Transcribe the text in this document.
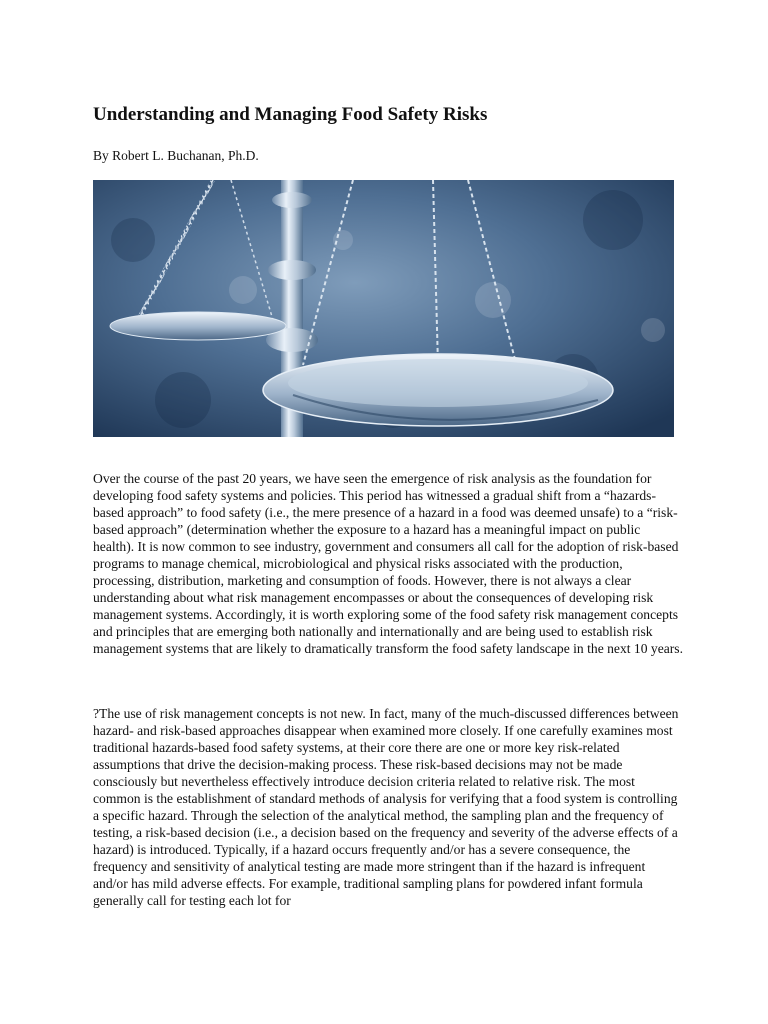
Understanding and Managing Food Safety Risks

By Robert L. Buchanan, Ph.D.

Over the course of the past 20 years, we have seen the emergence of risk analysis as the foundation for developing food safety systems and policies. This period has witnessed a gradual shift from a “hazards-based approach” to food safety (i.e., the mere presence of a hazard in a food was deemed unsafe) to a “risk-based approach” (determination whether the exposure to a hazard has a meaningful impact on public health). It is now common to see industry, government and consumers all call for the adoption of risk-based programs to manage chemical, microbiological and physical risks associated with the production, processing, distribution, marketing and consumption of foods. However, there is not always a clear understanding about what risk management encompasses or about the consequences of developing risk management systems. Accordingly, it is worth exploring some of the food safety risk management concepts and principles that are emerging both nationally and internationally and are being used to establish risk management systems that are likely to dramatically transform the food safety landscape in the next 10 years.

?The use of risk management concepts is not new. In fact, many of the much-discussed differences between hazard- and risk-based approaches disappear when examined more closely. If one carefully examines most traditional hazards-based food safety systems, at their core there are one or more key risk-related assumptions that drive the decision-making process. These risk-based decisions may not be made consciously but nevertheless effectively introduce decision criteria related to relative risk. The most common is the establishment of standard methods of analysis for verifying that a food system is controlling a specific hazard. Through the selection of the analytical method, the sampling plan and the frequency of testing, a risk-based decision (i.e., a decision based on the frequency and severity of the adverse effects of a hazard) is introduced. Typically, if a hazard occurs frequently and/or has a severe consequence, the frequency and sensitivity of analytical testing are made more stringent than if the hazard is infrequent and/or has mild adverse effects. For example, traditional sampling plans for powdered infant formula generally call for testing each lot for
